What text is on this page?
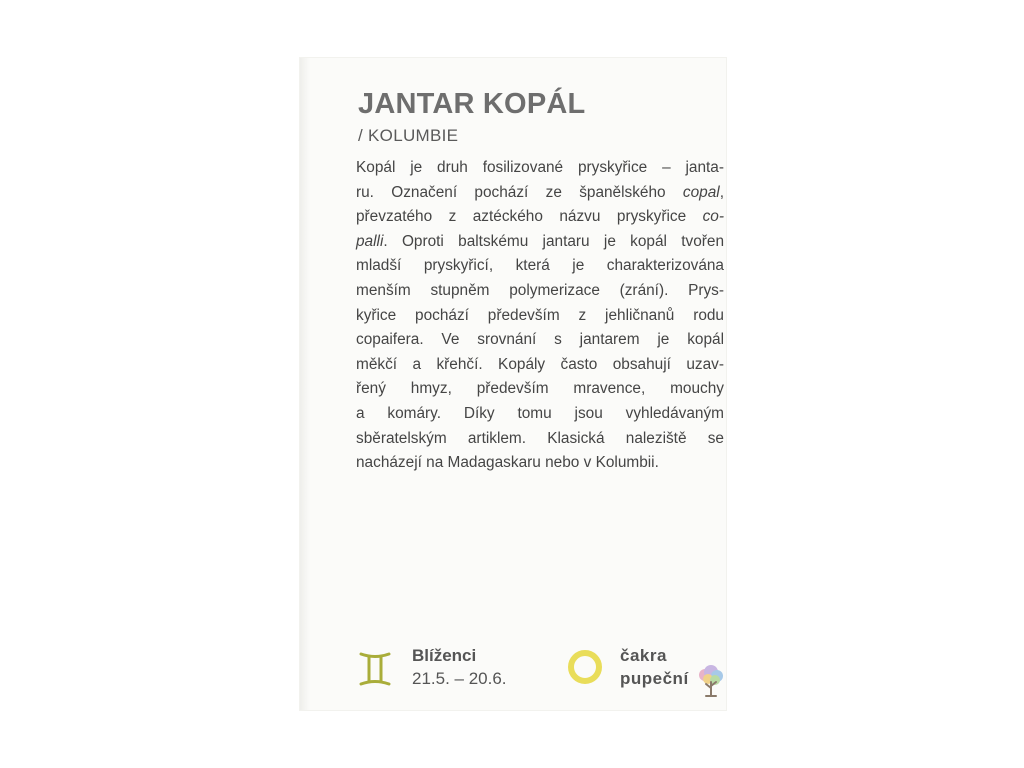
JANTAR KOPÁL
/ KOLUMBIE
Kopál je druh fosilizované pryskyřice – janta-
ru. Označení pochází ze španělského copal,
převzatého z aztéckého názvu pryskyřice co-
palli. Oproti baltskému jantaru je kopál tvořen
mladší pryskyřicí, která je charakterizována
menším stupněm polymerizace (zrání). Prys-
kyřice pochází především z jehličnanů rodu
copaifera. Ve srovnání s jantarem je kopál
měkčí a křehčí. Kopály často obsahují uzav-
řený hmyz, především mravence, mouchy
a komáry. Díky tomu jsou vyhledávaným
sběratelským artiklem. Klasická naleziště se
nacházejí na Madagaskaru nebo v Kolumbii.
Blíženci
21.5. – 20.6.
čakra
pupeční
